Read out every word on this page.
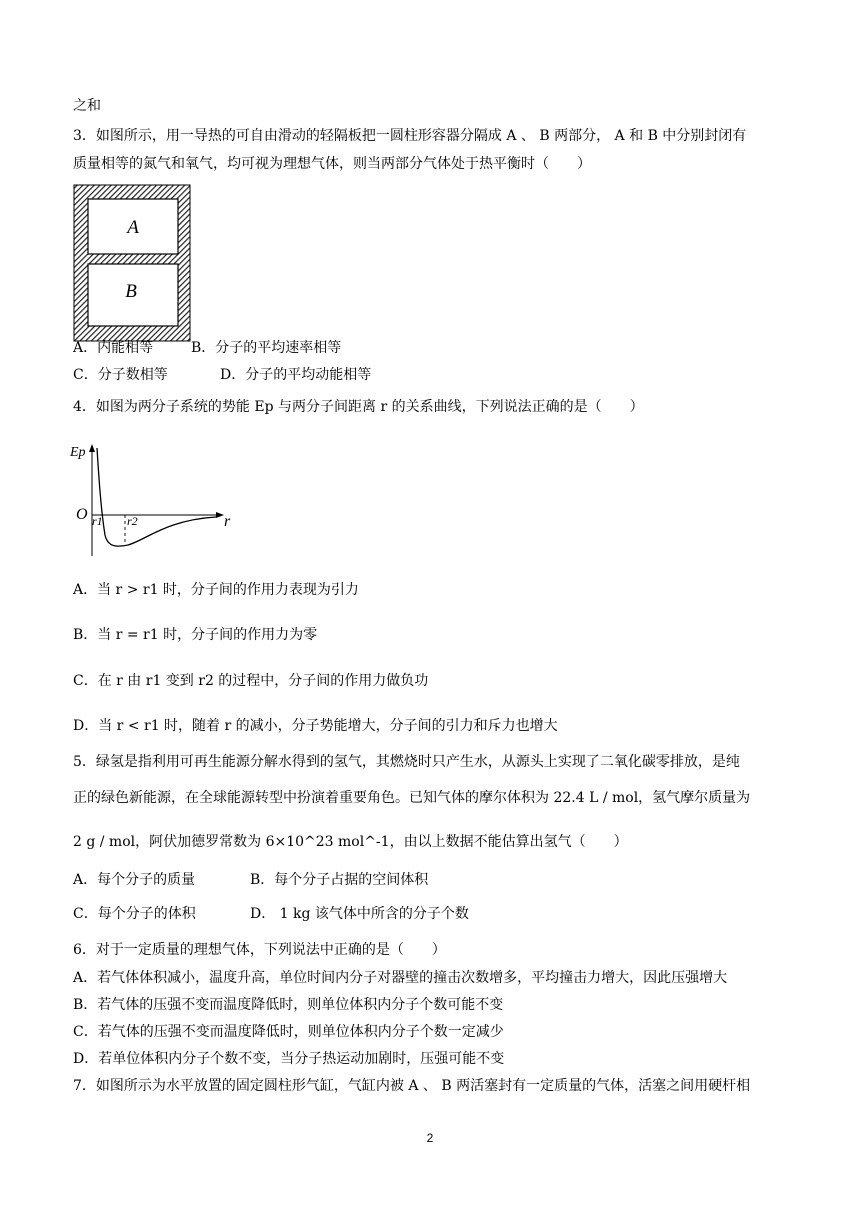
之和
3．如图所示，用一导热的可自由滑动的轻隔板把一圆柱形容器分隔成 A 、 B 两部分， A 和 B 中分别封闭有
质量相等的氮气和氧气，均可视为理想气体，则当两部分气体处于热平衡时（　　）
A
B
A．内能相等	B．分子的平均速率相等
C．分子数相等	D．分子的平均动能相等
4．如图为两分子系统的势能 Ep 与两分子间距离 r 的关系曲线，下列说法正确的是（　　）
Ep
O r1 r2	r
A．当 r > r1 时，分子间的作用力表现为引力
B．当 r = r1 时，分子间的作用力为零
C．在 r 由 r1 变到 r2 的过程中，分子间的作用力做负功
D．当 r < r1 时，随着 r 的减小，分子势能增大，分子间的引力和斥力也增大
5．绿氢是指利用可再生能源分解水得到的氢气，其燃烧时只产生水，从源头上实现了二氧化碳零排放，是纯
正的绿色新能源，在全球能源转型中扮演着重要角色。已知气体的摩尔体积为 22.4 L / mol，氢气摩尔质量为
2 g / mol，阿伏加德罗常数为 6×10^23 mol^-1，由以上数据不能估算出氢气（　　）
A．每个分子的质量	B．每个分子占据的空间体积
C．每个分子的体积	D． 1 kg 该气体中所含的分子个数
6．对于一定质量的理想气体，下列说法中正确的是（　　）
A．若气体体积减小，温度升高，单位时间内分子对器壁的撞击次数增多，平均撞击力增大，因此压强增大
B．若气体的压强不变而温度降低时，则单位体积内分子个数可能不变
C．若气体的压强不变而温度降低时，则单位体积内分子个数一定减少
D．若单位体积内分子个数不变，当分子热运动加剧时，压强可能不变
7．如图所示为水平放置的固定圆柱形气缸，气缸内被 A 、 B 两活塞封有一定质量的气体，活塞之间用硬杆相
2
